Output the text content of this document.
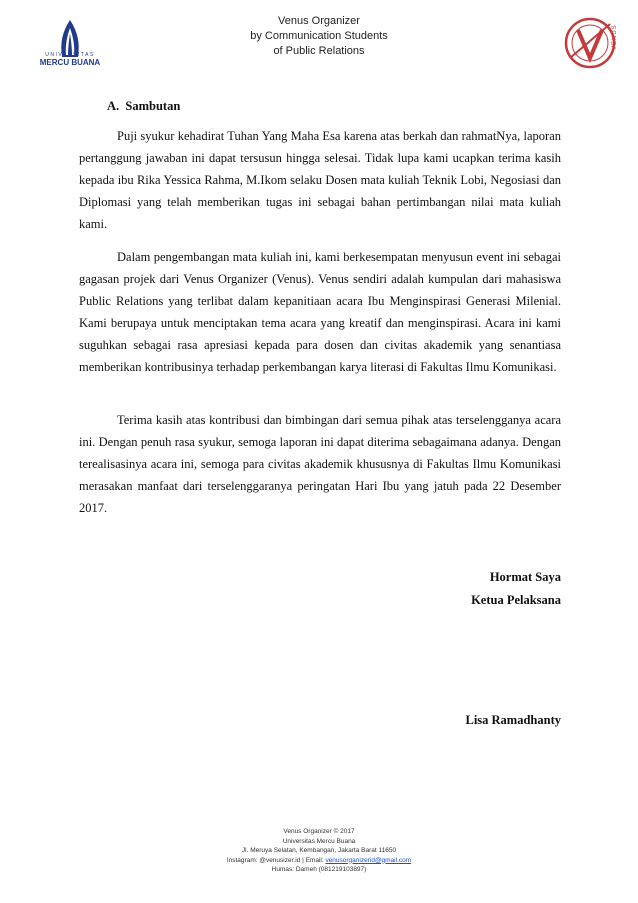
UNIVERSITAS
MERCU BUANA
Venus Organizer
by Communication Students
of Public Relations
VENUS
A.  Sambutan

Puji syukur kehadirat Tuhan Yang Maha Esa karena atas berkah dan rahmatNya, laporan pertanggung jawaban ini dapat tersusun hingga selesai. Tidak lupa kami ucapkan terima kasih kepada ibu Rika Yessica Rahma, M.Ikom selaku Dosen mata kuliah Teknik Lobi, Negosiasi dan Diplomasi yang telah memberikan tugas ini sebagai bahan pertimbangan nilai mata kuliah kami.

Dalam pengembangan mata kuliah ini, kami berkesempatan menyusun event ini sebagai gagasan projek dari Venus Organizer (Venus). Venus sendiri adalah kumpulan dari mahasiswa Public Relations yang terlibat dalam kepanitiaan acara Ibu Menginspirasi Generasi Milenial. Kami berupaya untuk menciptakan tema acara yang kreatif dan menginspirasi. Acara ini kami suguhkan sebagai rasa apresiasi kepada para dosen dan civitas akademik yang senantiasa memberikan kontribusinya terhadap perkembangan karya literasi di Fakultas Ilmu Komunikasi.

Terima kasih atas kontribusi dan bimbingan dari semua pihak atas terselengganya acara ini. Dengan penuh rasa syukur, semoga laporan ini dapat diterima sebagaimana adanya. Dengan terealisasinya acara ini, semoga para civitas akademik khususnya di Fakultas Ilmu Komunikasi merasakan manfaat dari terselenggaranya peringatan Hari Ibu yang jatuh pada 22 Desember 2017.

Hormat Saya
Ketua Pelaksana
Lisa Ramadhanty
Venus Organizer © 2017
Universitas Mercu Buana
Jl. Meruya Selatan, Kembangan, Jakarta Barat 11650
Instagram: @venusizer.id | Email: venusorganizerid@gmail.com
Humas: Dameh (081219103897)
